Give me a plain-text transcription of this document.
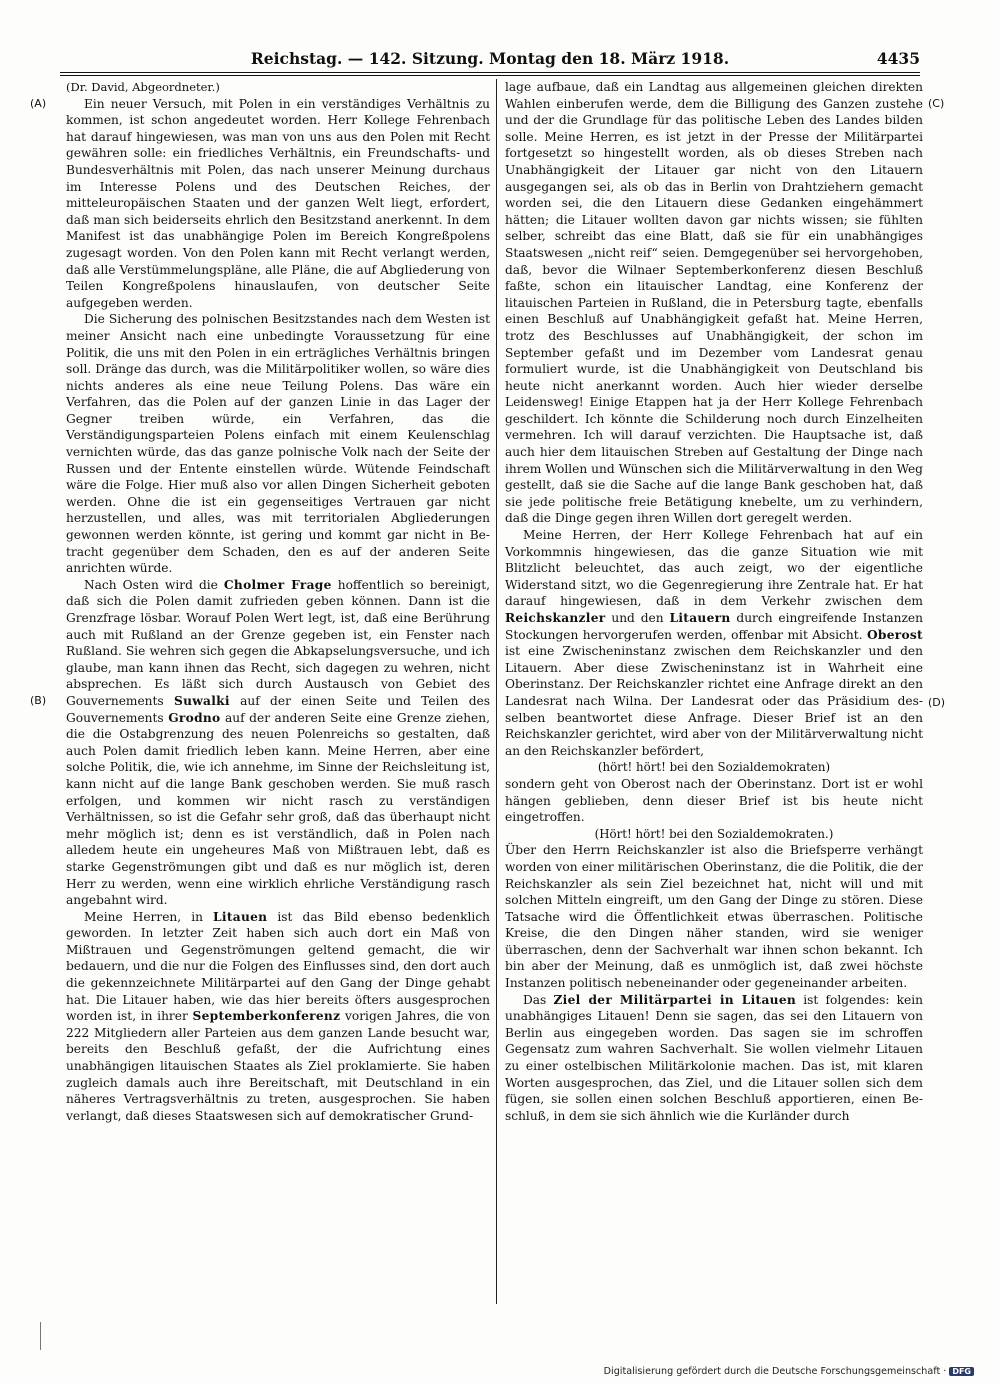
Reichstag. — 142. Sitzung. Montag den 18. März 1918.	4435
(A)
(B)
(C)
(D)

(Dr. David, Abgeordneter.)

Ein neuer Versuch, mit Polen in ein verständiges Verhältnis zu kommen, ist schon angedeutet worden. Herr Kollege Fehrenbach hat darauf hingewiesen, was man von uns aus den Polen mit Recht gewähren solle: ein friedliches Verhältnis, ein Freundschafts- und Bundesverhältnis mit Polen, das nach unserer Meinung durchaus im Interesse Polens und des Deutschen Reiches, der mitteleuropäischen Staaten und der ganzen Welt liegt, erfordert, daß man sich beiderseits ehrlich den Besitzstand anerkennt. In dem Manifest ist das unabhängige Polen im Bereich Kongreßpolens zugesagt worden. Von den Polen kann mit Recht verlangt werden, daß alle Verstümmelungspläne, alle Pläne, die auf Abgliederung von Teilen Kongreßpolens hinauslaufen, von deutscher Seite aufgegeben werden.

Die Sicherung des polnischen Besitzstandes nach dem Westen ist meiner Ansicht nach eine unbedingte Voraussetzung für eine Politik, die uns mit den Polen in ein erträgliches Verhältnis bringen soll. Dränge das durch, was die Militärpolitiker wollen, so wäre dies nichts anderes als eine neue Teilung Polens. Das wäre ein Verfahren, das die Polen auf der ganzen Linie in das Lager der Gegner treiben würde, ein Verfahren, das die Verständigungsparteien Polens einfach mit einem Keulenschlag vernichten würde, das das ganze polnische Volk nach der Seite der Russen und der Entente einstellen würde. Wütende Feindschaft wäre die Folge. Hier muß also vor allen Dingen Sicherheit geboten werden. Ohne die ist ein gegenseitiges Vertrauen gar nicht herzustellen, und alles, was mit territorialen Abgliederungen gewonnen werden könnte, ist gering und kommt gar nicht in Betracht gegenüber dem Schaden, den es auf der anderen Seite anrichten würde.

Nach Osten wird die Cholmer Frage hoffentlich so bereinigt, daß sich die Polen damit zufrieden geben können. Dann ist die Grenzfrage lösbar. Worauf Polen Wert legt, ist, daß eine Berührung auch mit Rußland an der Grenze gegeben ist, ein Fenster nach Rußland. Sie wehren sich gegen die Abkapselungsversuche, und ich glaube, man kann ihnen das Recht, sich dagegen zu wehren, nicht absprechen. Es läßt sich durch Austausch von Gebiet des Gouvernements Suwalki auf der einen Seite und Teilen des Gouvernements Grodno auf der anderen Seite eine Grenze ziehen, die die Ostabgrenzung des neuen Polenreichs so gestalten, daß auch Polen damit friedlich leben kann. Meine Herren, aber eine solche Politik, die, wie ich annehme, im Sinne der Reichsleitung ist, kann nicht auf die lange Bank geschoben werden. Sie muß rasch erfolgen, und kommen wir nicht rasch zu verständigen Verhältnissen, so ist die Gefahr sehr groß, daß das überhaupt nicht mehr möglich ist; denn es ist verständlich, daß in Polen nach alledem heute ein ungeheures Maß von Mißtrauen lebt, daß es starke Gegenströmungen gibt und daß es nur möglich ist, deren Herr zu werden, wenn eine wirklich ehrliche Verständigung rasch angebahnt wird.

Meine Herren, in Litauen ist das Bild ebenso bedenklich geworden. In letzter Zeit haben sich auch dort ein Maß von Mißtrauen und Gegenströmungen geltend gemacht, die wir bedauern, und die nur die Folgen des Einflusses sind, den dort auch die gekennzeichnete Militärpartei auf den Gang der Dinge gehabt hat. Die Litauer haben, wie das hier bereits öfters ausgesprochen worden ist, in ihrer Septemberkonferenz vorigen Jahres, die von 222 Mitgliedern aller Parteien aus dem ganzen Lande besucht war, bereits den Beschluß gefaßt, der die Aufrichtung eines unabhängigen litauischen Staates als Ziel proklamierte. Sie haben zugleich damals auch ihre Bereitschaft, mit Deutschland in ein näheres Vertragsverhältnis zu treten, ausgesprochen. Sie haben verlangt, daß dieses Staatswesen sich auf demokratischer Grund-

lage aufbaue, daß ein Landtag aus allgemeinen gleichen direkten Wahlen einberufen werde, dem die Billigung des Ganzen zustehe und der die Grundlage für das politische Leben des Landes bilden solle. Meine Herren, es ist jetzt in der Presse der Militärpartei fortgesetzt so hingestellt worden, als ob dieses Streben nach Unabhängigkeit der Litauer gar nicht von den Litauern ausgegangen sei, als ob das in Berlin von Drahtziehern gemacht worden sei, die den Litauern diese Gedanken eingehämmert hätten; die Litauer wollten davon gar nichts wissen; sie fühlten selber, schreibt das eine Blatt, daß sie für ein unabhängiges Staatswesen „nicht reif“ seien. Demgegenüber sei hervorgehoben, daß, bevor die Wilnaer Septemberkonferenz diesen Beschluß faßte, schon ein litauischer Landtag, eine Konferenz der litauischen Parteien in Rußland, die in Petersburg tagte, ebenfalls einen Beschluß auf Unabhängigkeit gefaßt hat. Meine Herren, trotz des Beschlusses auf Unabhängigkeit, der schon im September gefaßt und im Dezember vom Landesrat genau formuliert wurde, ist die Unabhängigkeit von Deutschland bis heute nicht anerkannt worden. Auch hier wieder derselbe Leidensweg! Einige Etappen hat ja der Herr Kollege Fehrenbach geschildert. Ich könnte die Schilderung noch durch Einzelheiten vermehren. Ich will darauf verzichten. Die Hauptsache ist, daß auch hier dem litauischen Streben auf Gestaltung der Dinge nach ihrem Wollen und Wünschen sich die Militärverwaltung in den Weg gestellt, daß sie die Sache auf die lange Bank geschoben hat, daß sie jede politische freie Betätigung knebelte, um zu verhindern, daß die Dinge gegen ihren Willen dort geregelt werden.

Meine Herren, der Herr Kollege Fehrenbach hat auf ein Vorkommnis hingewiesen, das die ganze Situation wie mit Blitzlicht beleuchtet, das auch zeigt, wo der eigentliche Widerstand sitzt, wo die Gegenregierung ihre Zentrale hat. Er hat darauf hingewiesen, daß in dem Verkehr zwischen dem Reichskanzler und den Litauern durch eingreifende Instanzen Stockungen hervorgerufen werden, offenbar mit Absicht. Oberost ist eine Zwischeninstanz zwischen dem Reichskanzler und den Litauern. Aber diese Zwischeninstanz ist in Wahrheit eine Oberinstanz. Der Reichskanzler richtet eine Anfrage direkt an den Landesrat nach Wilna. Der Landesrat oder das Präsidium desselben beantwortet diese Anfrage. Dieser Brief ist an den Reichskanzler gerichtet, wird aber von der Militärverwaltung nicht an den Reichskanzler befördert,

(hört! hört! bei den Sozialdemokraten)

sondern geht von Oberost nach der Oberinstanz. Dort ist er wohl hängen geblieben, denn dieser Brief ist bis heute nicht eingetroffen.

(Hört! hört! bei den Sozialdemokraten.)

Über den Herrn Reichskanzler ist also die Briefsperre verhängt worden von einer militärischen Oberinstanz, die die Politik, die der Reichskanzler als sein Ziel bezeichnet hat, nicht will und mit solchen Mitteln eingreift, um den Gang der Dinge zu stören. Diese Tatsache wird die Öffentlichkeit etwas überraschen. Politische Kreise, die den Dingen näher standen, wird sie weniger überraschen, denn der Sachverhalt war ihnen schon bekannt. Ich bin aber der Meinung, daß es unmöglich ist, daß zwei höchste Instanzen politisch nebeneinander oder gegeneinander arbeiten.

Das Ziel der Militärpartei in Litauen ist folgendes: kein unabhängiges Litauen! Denn sie sagen, das sei den Litauern von Berlin aus eingegeben worden. Das sagen sie im schroffen Gegensatz zum wahren Sachverhalt. Sie wollen vielmehr Litauen zu einer ostelbischen Militärkolonie machen. Das ist, mit klaren Worten ausgesprochen, das Ziel, und die Litauer sollen sich dem fügen, sie sollen einen solchen Beschluß apportieren, einen Beschluß, in dem sie sich ähnlich wie die Kurländer durch

Digitalisierung gefördert durch die Deutsche Forschungsgemeinschaft · DFG
